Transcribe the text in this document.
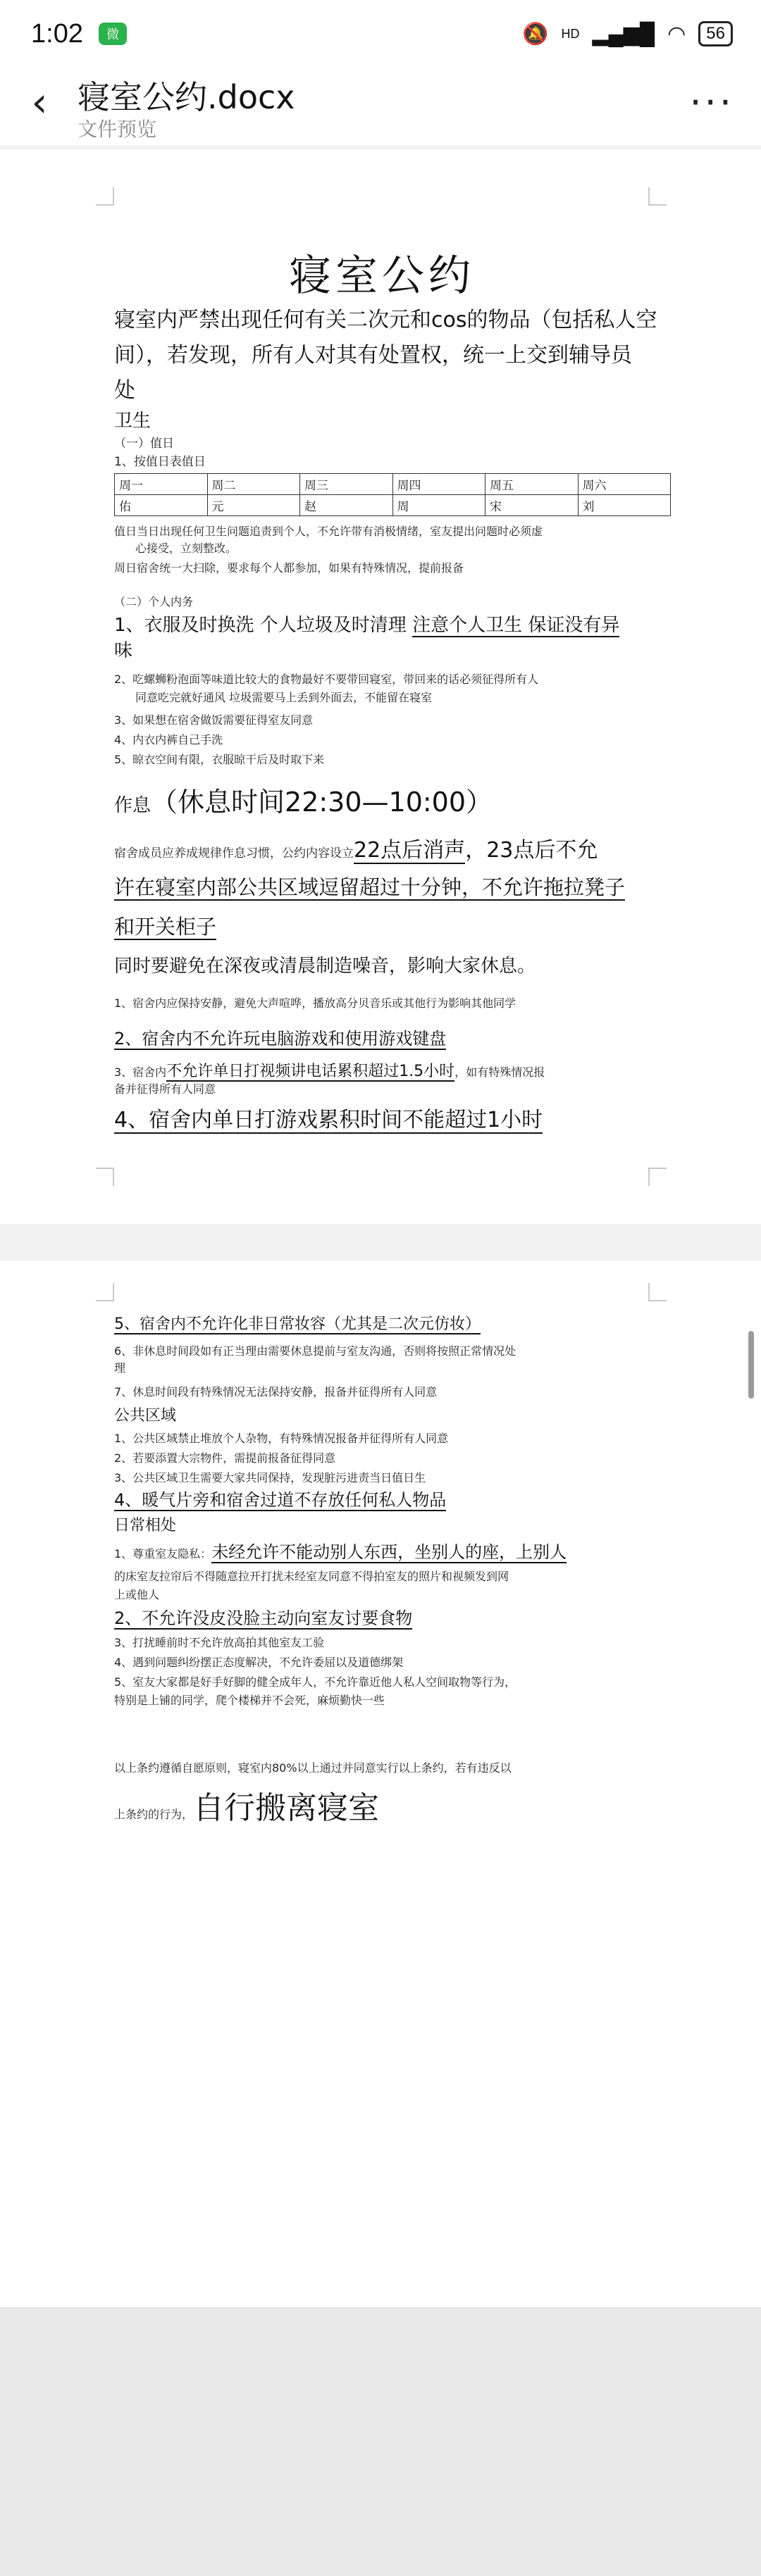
1:02	微	🔕 HD ▂▄▆█ ◠	56
‹ 寝室公约.docx
文件预览
···
寝室公约
寝室内严禁出现任何有关二次元和cos的物品（包括私人空
间），若发现，所有人对其有处置权，统一上交到辅导员
处
卫生
（一）值日
1、按值日表值日
周一	周二	周三	周四	周五	周六
佑	元	赵	周	宋	刘
值日当日出现任何卫生问题追责到个人，不允许带有消极情绪，室友提出问题时必须虚
心接受，立刻整改。
周日宿舍统一大扫除，要求每个人都参加，如果有特殊情况，提前报备
（二）个人内务
1、衣服及时换洗 个人垃圾及时清理 注意个人卫生 保证没有异
味
2、吃螺蛳粉泡面等味道比较大的食物最好不要带回寝室，带回来的话必须征得所有人
同意吃完就好通风 垃圾需要马上丢到外面去，不能留在寝室
3、如果想在宿舍做饭需要征得室友同意
4、内衣内裤自己手洗
5、晾衣空间有限，衣服晾干后及时取下来
作息（休息时间22:30—10:00）
宿舍成员应养成规律作息习惯，公约内容设立22点后消声，23点后不允
许在寝室内部公共区域逗留超过十分钟，不允许拖拉凳子
和开关柜子
同时要避免在深夜或清晨制造噪音，影响大家休息。
1、宿舍内应保持安静，避免大声喧哗，播放高分贝音乐或其他行为影响其他同学
2、宿舍内不允许玩电脑游戏和使用游戏键盘
3、宿舍内不允许单日打视频讲电话累积超过1.5小时，如有特殊情况报
备并征得所有人同意
4、宿舍内单日打游戏累积时间不能超过1小时
5、宿舍内不允许化非日常妆容（尤其是二次元仿妆）
6、非休息时间段如有正当理由需要休息提前与室友沟通，否则将按照正常情况处
理
7、休息时间段有特殊情况无法保持安静，报备并征得所有人同意
公共区域
1、公共区域禁止堆放个人杂物，有特殊情况报备并征得所有人同意
2、若要添置大宗物件，需提前报备征得同意
3、公共区域卫生需要大家共同保持，发现脏污进责当日值日生
4、暖气片旁和宿舍过道不存放任何私人物品
日常相处
1、尊重室友隐私：未经允许不能动别人东西，坐别人的座，上别人
的床室友拉帘后不得随意拉开打扰未经室友同意不得拍室友的照片和视频发到网
上或他人
2、不允许没皮没脸主动向室友讨要食物
3、打扰睡前时不允许放高拍其他室友工验
4、遇到问题纠纷摆正态度解决，不允许委屈以及道德绑架
5、室友大家都是好手好脚的健全成年人，不允许靠近他人私人空间取物等行为，
特别是上铺的同学，爬个楼梯并不会死，麻烦勤快一些
以上条约遵循自愿原则，寝室内80%以上通过并同意实行以上条约，若有违反以
上条约的行为，自行搬离寝室
